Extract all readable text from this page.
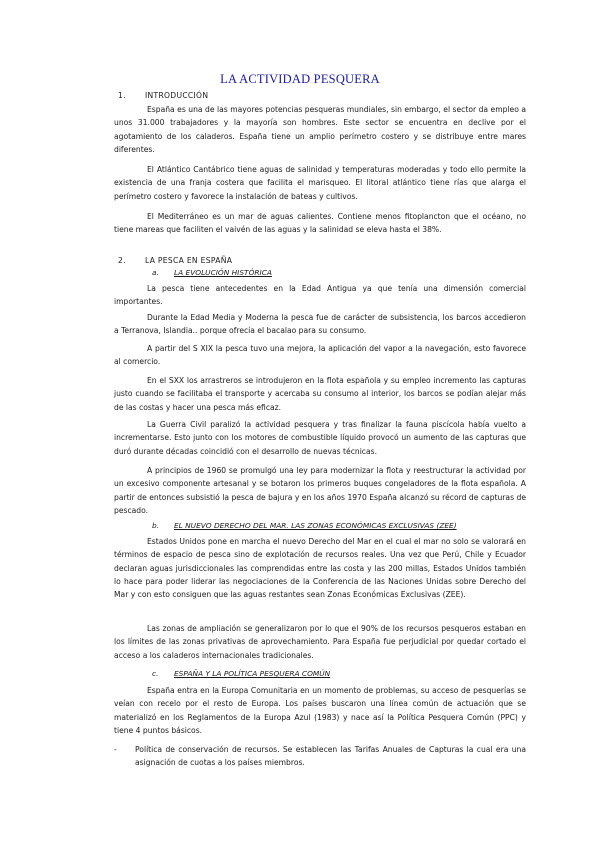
LA ACTIVIDAD PESQUERA
1.	INTRODUCCIÓN

España es una de las mayores potencias pesqueras mundiales, sin embargo, el sector da empleo a unos 31.000 trabajadores y la mayoría son hombres. Este sector se encuentra en declive por el agotamiento de los caladeros. España tiene un amplio perímetro costero y se distribuye entre mares diferentes.

El Atlántico Cantábrico tiene aguas de salinidad y temperaturas moderadas y todo ello permite la existencia de una franja costera que facilita el marisqueo. El litoral atlántico tiene rías que alarga el perímetro costero y favorece la instalación de bateas y cultivos.

El Mediterráneo es un mar de aguas calientes. Contiene menos fitoplancton que el océano, no tiene mareas que faciliten el vaivén de las aguas y la salinidad se eleva hasta el 38%.

2.	LA PESCA EN ESPAÑA
a. LA EVOLUCIÓN HISTÓRICA

La pesca tiene antecedentes en la Edad Antigua ya que tenía una dimensión comercial importantes.

Durante la Edad Media y Moderna la pesca fue de carácter de subsistencia, los barcos accedieron a Terranova, Islandia.. porque ofrecía el bacalao para su consumo.

A partir del S XIX la pesca tuvo una mejora, la aplicación del vapor a la navegación, esto favorece al comercio.

En el SXX los arrastreros se introdujeron en la flota española y su empleo incremento las capturas justo cuando se facilitaba el transporte y acercaba su consumo al interior, los barcos se podían alejar más de las costas y hacer una pesca más eficaz.

La Guerra Civil paralizó la actividad pesquera y tras finalizar la fauna piscícola había vuelto a incrementarse. Esto junto con los motores de combustible líquido provocó un aumento de las capturas que duró durante décadas coincidió con el desarrollo de nuevas técnicas.

A principios de 1960 se promulgó una ley para modernizar la flota y reestructurar la actividad por un excesivo componente artesanal y se botaron los primeros buques congeladores de la flota española. A partir de entonces subsistió la pesca de bajura y en los años 1970 España alcanzó su récord de capturas de pescado.

b. EL NUEVO DERECHO DEL MAR. LAS ZONAS ECONÓMICAS EXCLUSIVAS (ZEE)

Estados Unidos pone en marcha el nuevo Derecho del Mar en el cual el mar no solo se valorará en términos de espacio de pesca sino de explotación de recursos reales. Una vez que Perú, Chile y Ecuador declaran aguas jurisdiccionales las comprendidas entre las costa y las 200 millas, Estados Unidos también lo hace para poder liderar las negociaciones de la Conferencia de las Naciones Unidas sobre Derecho del Mar y con esto consiguen que las aguas restantes sean Zonas Económicas Exclusivas (ZEE).

Las zonas de ampliación se generalizaron por lo que el 90% de los recursos pesqueros estaban en los límites de las zonas privativas de aprovechamiento. Para España fue perjudicial por quedar cortado el acceso a los caladeros internacionales tradicionales.

c. ESPAÑA Y LA POLÍTICA PESQUERA COMÚN

España entra en la Europa Comunitaria en un momento de problemas, su acceso de pesquerías se veían con recelo por el resto de Europa. Los países buscaron una línea común de actuación que se materializó en los Reglamentos de la Europa Azul (1983) y nace así la Política Pesquera Común (PPC) y tiene 4 puntos básicos.

- Política de conservación de recursos. Se establecen las Tarifas Anuales de Capturas la cual era una asignación de cuotas a los países miembros.
